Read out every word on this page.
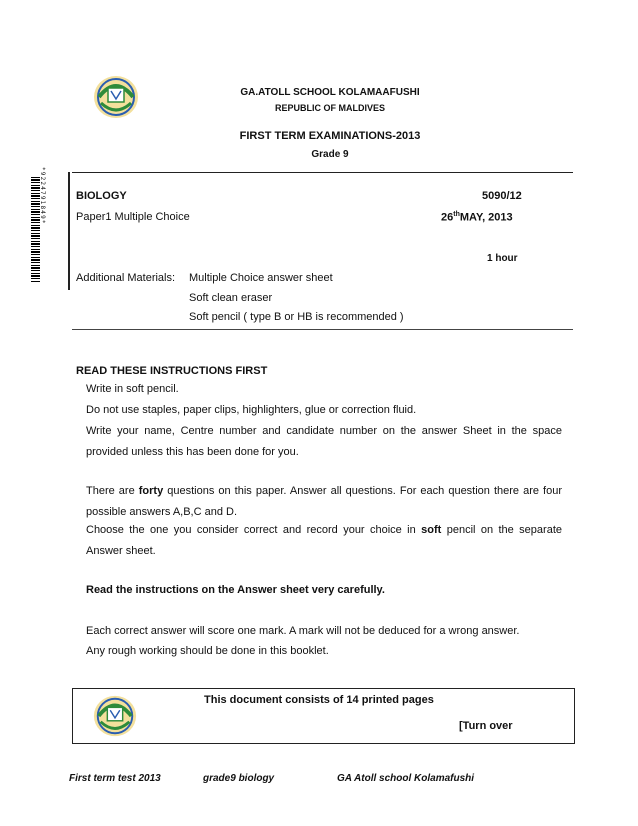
GA.ATOLL SCHOOL KOLAMAAFUSHI
REPUBLIC OF MALDIVES
FIRST TERM EXAMINATIONS-2013
Grade 9
*9224791849*	BIOLOGY	5090/12
Paper1 Multiple Choice	26thMAY, 2013
1 hour
Additional Materials: Multiple Choice answer sheet
Soft clean eraser
Soft pencil ( type B or HB is recommended )
READ THESE INSTRUCTIONS FIRST
Write in soft pencil.
Do not use staples, paper clips, highlighters, glue or correction fluid.
Write your name, Centre number and candidate number on the answer Sheet in the space provided unless this has been done for you.
There are forty questions on this paper. Answer all questions. For each question there are four possible answers A,B,C and D.
Choose the one you consider correct and record your choice in soft pencil on the separate Answer sheet.
Read the instructions on the Answer sheet very carefully.
Each correct answer will score one mark. A mark will not be deduced for a wrong answer.
Any rough working should be done in this booklet.
This document consists of 14 printed pages
[Turn over
First term test 2013	grade9 biology	GA Atoll school Kolamafushi
